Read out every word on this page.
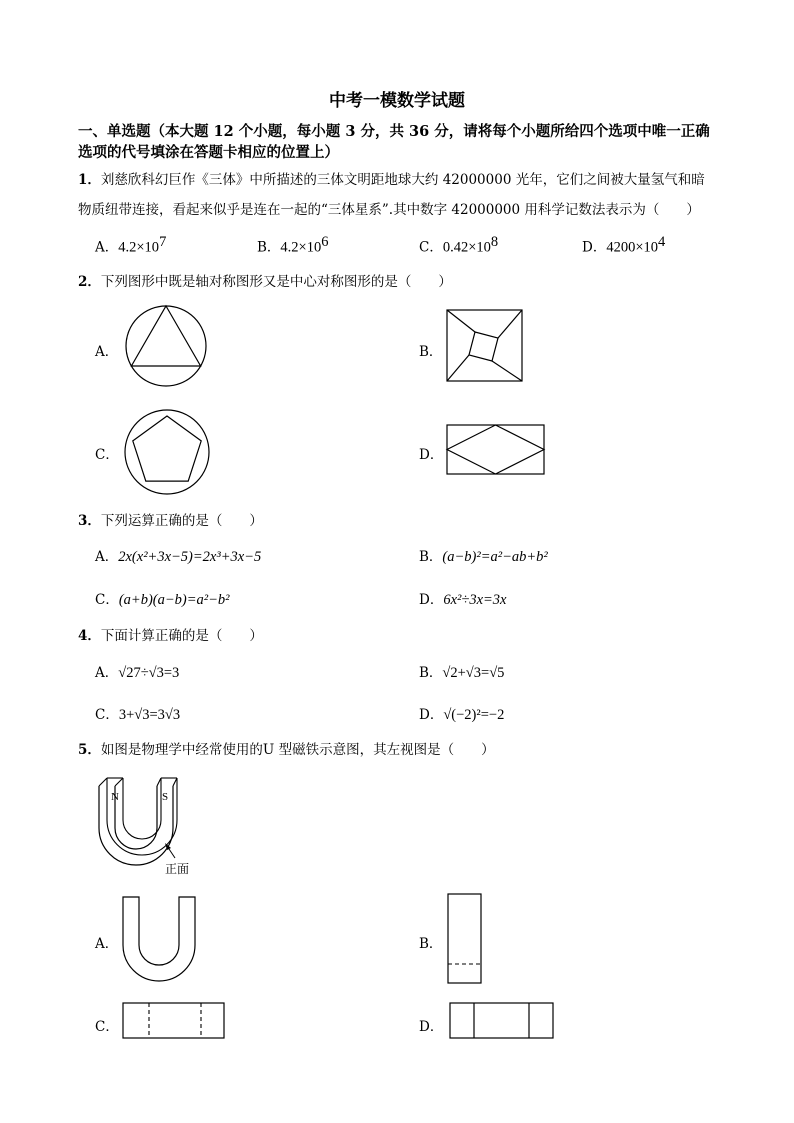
中考一模数学试题
一、单选题（本大题 12 个小题，每小题 3 分，共 36 分，请将每个小题所给四个选项中唯一正确
选项的代号填涂在答题卡相应的位置上）
1．刘慈欣科幻巨作《三体》中所描述的三体文明距地球大约 42000000 光年，它们之间被大量氢气和暗
物质纽带连接，看起来似乎是连在一起的“三体星系”.其中数字 42000000 用科学记数法表示为（　　）
A．$4.2\times 10^7$	B．$4.2\times 10^6$	C．$0.42\times 10^8$	D．$4200\times 10^4$
2．下列图形中既是轴对称图形又是中心对称图形的是（　　）
A．	B．
C．	D．
3．下列运算正确的是（　　）
A．2x(x²+3x−5)=2x³+3x−5	B．(a−b)²=a²−ab+b²
C．(a+b)(a−b)=a²−b²	D．6x²÷3x=3x
4．下面计算正确的是（　　）
A．√27÷√3=3	B．√2+√3=√5
C．3+√3=3√3	D．√(−2)²=−2
5．如图是物理学中经常使用的U 型磁铁示意图，其左视图是（　　）
N	S
正面
A．	B．
C．	D．
